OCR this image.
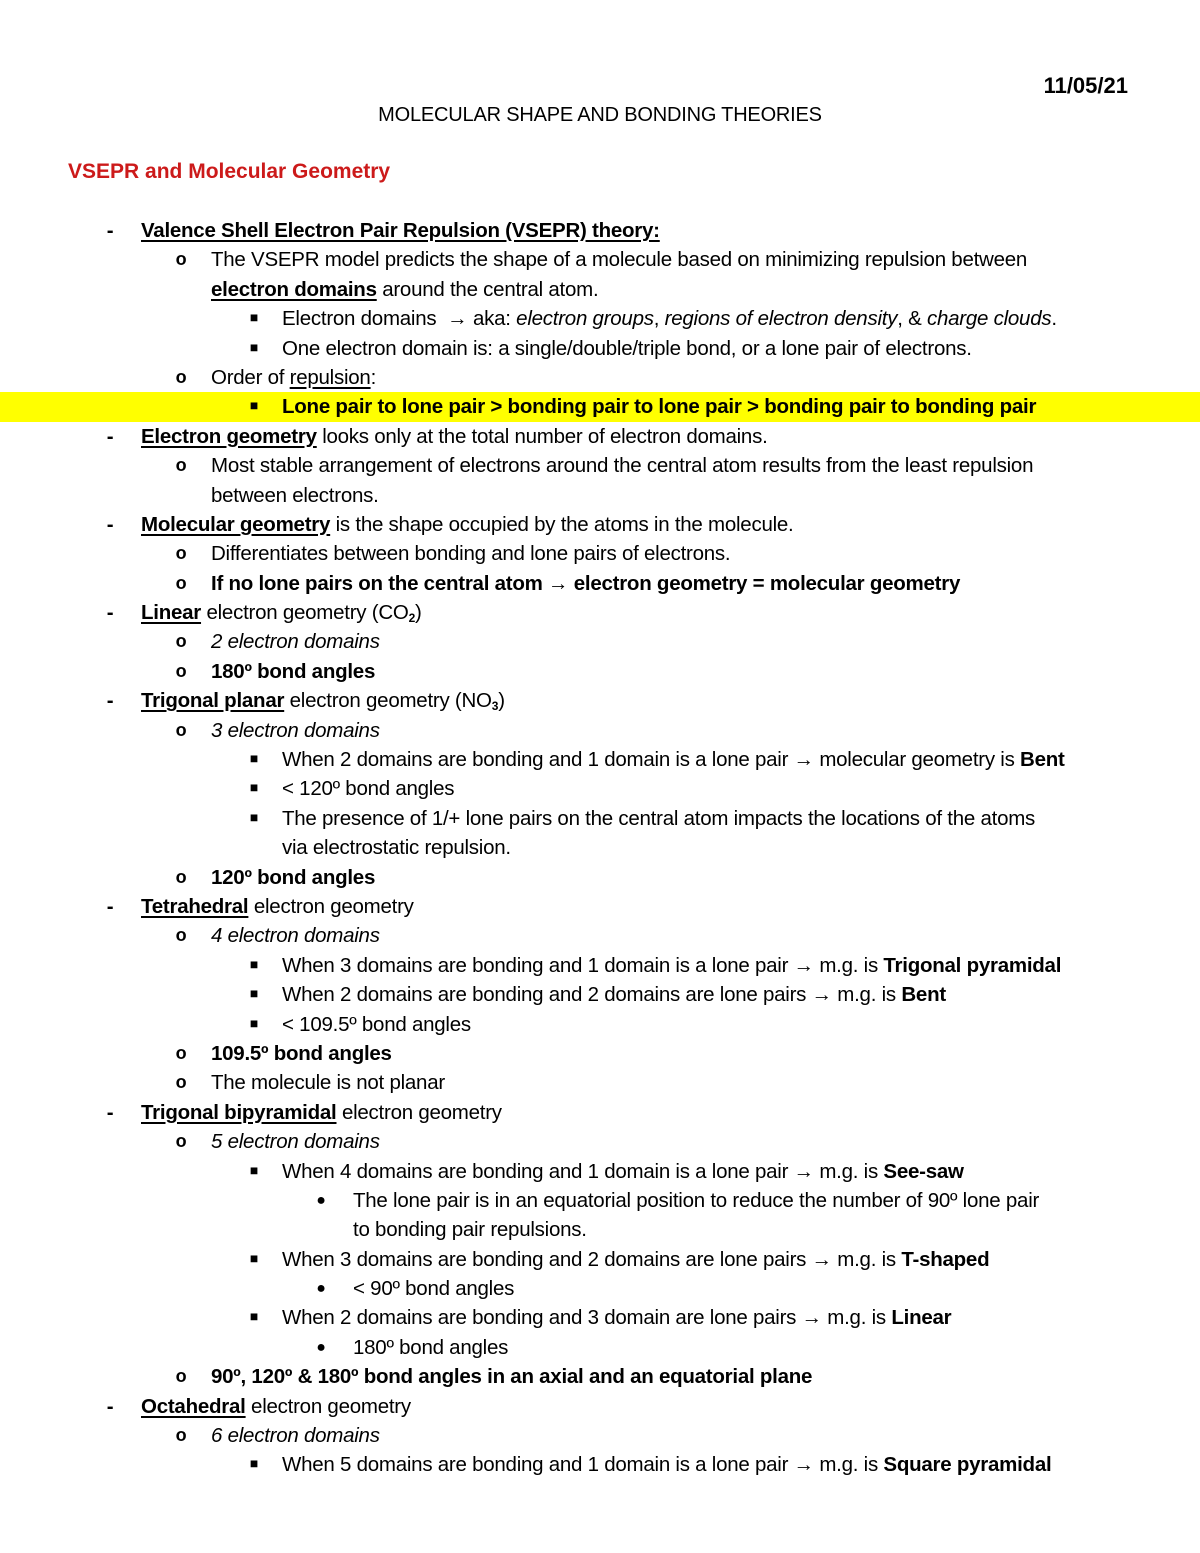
11/05/21
MOLECULAR SHAPE AND BONDING THEORIES
VSEPR and Molecular Geometry
-	Valence Shell Electron Pair Repulsion (VSEPR) theory:
o The VSEPR model predicts the shape of a molecule based on minimizing repulsion between
electron domains around the central atom.
■	Electron domains  → aka: electron groups, regions of electron density, & charge clouds.
■	One electron domain is: a single/double/triple bond, or a lone pair of electrons.
o Order of repulsion:
■	Lone pair to lone pair > bonding pair to lone pair > bonding pair to bonding pair
-	Electron geometry looks only at the total number of electron domains.
o Most stable arrangement of electrons around the central atom results from the least repulsion
between electrons.
-	Molecular geometry is the shape occupied by the atoms in the molecule.
o Differentiates between bonding and lone pairs of electrons.
o If no lone pairs on the central atom → electron geometry = molecular geometry
-	Linear electron geometry $(CO_2)$
o 2 electron domains
o 180º bond angles
-	Trigonal planar electron geometry $(NO_3)$
o 3 electron domains
■	When 2 domains are bonding and 1 domain is a lone pair → molecular geometry is Bent
■	< 120º bond angles
■	The presence of 1/+ lone pairs on the central atom impacts the locations of the atoms
via electrostatic repulsion.
o 120º bond angles
-	Tetrahedral electron geometry
o 4 electron domains
■	When 3 domains are bonding and 1 domain is a lone pair → m.g. is Trigonal pyramidal
■	When 2 domains are bonding and 2 domains are lone pairs → m.g. is Bent
■	< 109.5º bond angles
o 109.5º bond angles
o The molecule is not planar
-	Trigonal bipyramidal electron geometry
o 5 electron domains
■	When 4 domains are bonding and 1 domain is a lone pair → m.g. is See-saw
●	The lone pair is in an equatorial position to reduce the number of 90º lone pair
to bonding pair repulsions.
■	When 3 domains are bonding and 2 domains are lone pairs → m.g. is T-shaped
●	< 90º bond angles
■	When 2 domains are bonding and 3 domain are lone pairs → m.g. is Linear
●	180º bond angles
o 90º, 120º & 180º bond angles in an axial and an equatorial plane
-	Octahedral electron geometry
o 6 electron domains
■	When 5 domains are bonding and 1 domain is a lone pair → m.g. is Square pyramidal
